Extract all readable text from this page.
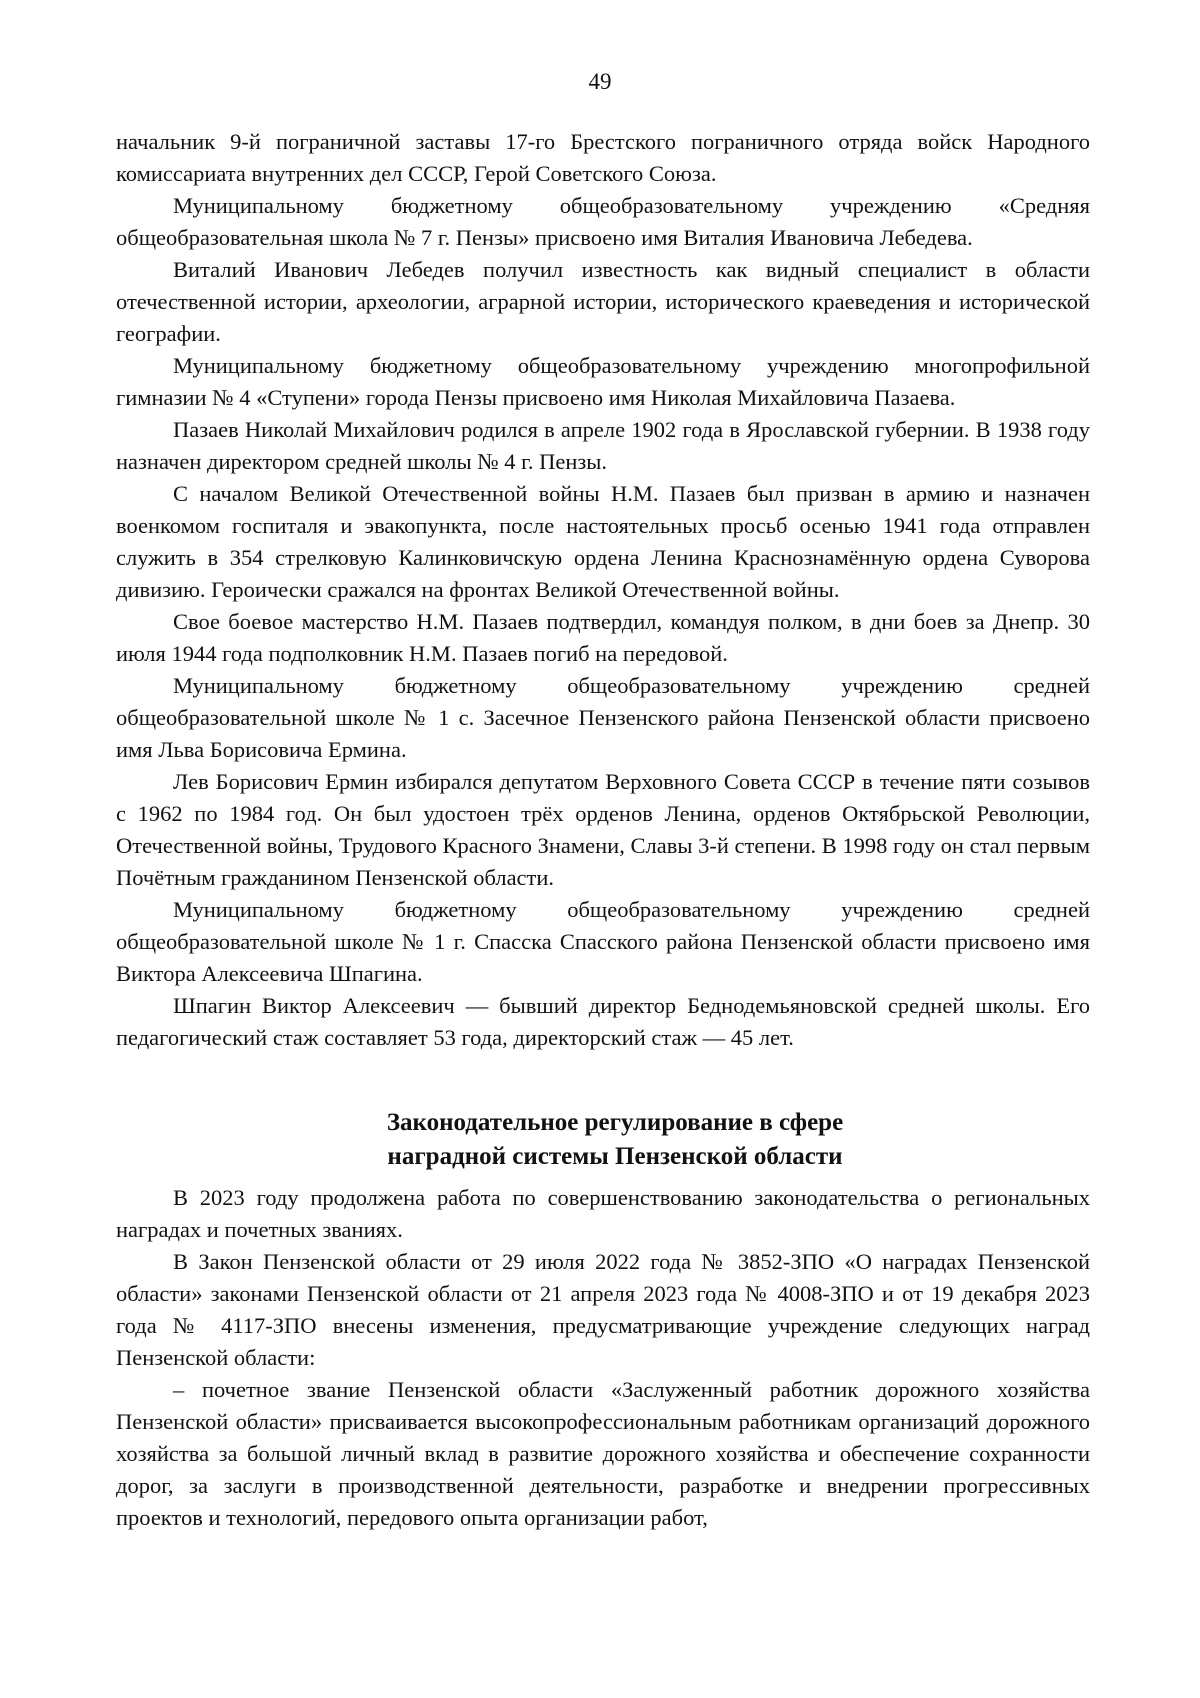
49

начальник 9-й пограничной заставы 17-го Брестского пограничного отряда войск Народного комиссариата внутренних дел СССР, Герой Советского Союза.

Муниципальному бюджетному общеобразовательному учреждению «Средняя общеобразовательная школа № 7 г. Пензы» присвоено имя Виталия Ивановича Лебедева.

Виталий Иванович Лебедев получил известность как видный специалист в области отечественной истории, археологии, аграрной истории, исторического краеведения и исторической географии.

Муниципальному бюджетному общеобразовательному учреждению многопрофильной гимназии № 4 «Ступени» города Пензы присвоено имя Николая Михайловича Пазаева.

Пазаев Николай Михайлович родился в апреле 1902 года в Ярославской губернии. В 1938 году назначен директором средней школы № 4 г. Пензы.

С началом Великой Отечественной войны Н.М. Пазаев был призван в армию и назначен военкомом госпиталя и эвакопункта, после настоятельных просьб осенью 1941 года отправлен служить в 354 стрелковую Калинковичскую ордена Ленина Краснознамённую ордена Суворова дивизию. Героически сражался на фронтах Великой Отечественной войны.

Свое боевое мастерство Н.М. Пазаев подтвердил, командуя полком, в дни боев за Днепр. 30 июля 1944 года подполковник Н.М. Пазаев погиб на передовой.

Муниципальному бюджетному общеобразовательному учреждению средней общеобразовательной школе № 1 с. Засечное Пензенского района Пензенской области присвоено имя Льва Борисовича Ермина.

Лев Борисович Ермин избирался депутатом Верховного Совета СССР в течение пяти созывов с 1962 по 1984 год. Он был удостоен трёх орденов Ленина, орденов Октябрьской Революции, Отечественной войны, Трудового Красного Знамени, Славы 3-й степени. В 1998 году он стал первым Почётным гражданином Пензенской области.

Муниципальному бюджетному общеобразовательному учреждению средней общеобразовательной школе № 1 г. Спасска Спасского района Пензенской области присвоено имя Виктора Алексеевича Шпагина.

Шпагин Виктор Алексеевич — бывший директор Беднодемьяновской средней школы. Его педагогический стаж составляет 53 года, директорский стаж — 45 лет.

Законодательное регулирование в сфере
наградной системы Пензенской области

В 2023 году продолжена работа по совершенствованию законодательства о региональных наградах и почетных званиях.

В Закон Пензенской области от 29 июля 2022 года № 3852-ЗПО «О наградах Пензенской области» законами Пензенской области от 21 апреля 2023 года № 4008-ЗПО и от 19 декабря 2023 года № 4117-ЗПО внесены изменения, предусматривающие учреждение следующих наград Пензенской области:

– почетное звание Пензенской области «Заслуженный работник дорожного хозяйства Пензенской области» присваивается высокопрофессиональным работникам организаций дорожного хозяйства за большой личный вклад в развитие дорожного хозяйства и обеспечение сохранности дорог, за заслуги в производственной деятельности, разработке и внедрении прогрессивных проектов и технологий, передового опыта организации работ,
